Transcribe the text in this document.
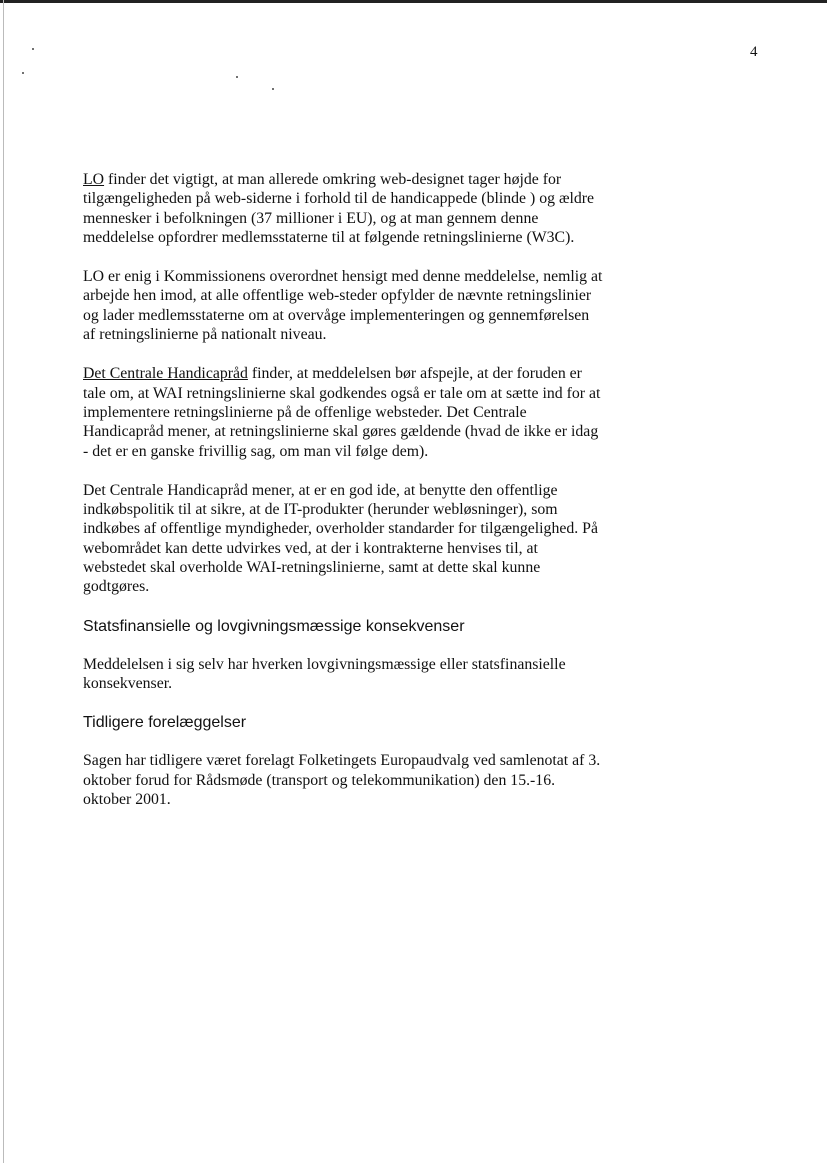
4

LO finder det vigtigt, at man allerede omkring web-designet tager højde for tilgængeligheden på web-siderne i forhold til de handicappede (blinde ) og ældre mennesker i befolkningen (37 millioner i EU), og at man gennem denne meddelelse opfordrer medlemsstaterne til at følgende retningslinierne (W3C).

LO er enig i Kommissionens overordnet hensigt med denne meddelelse, nemlig at arbejde hen imod, at alle offentlige web-steder opfylder de nævnte retningslinier og lader medlemsstaterne om at overvåge implementeringen og gennemførelsen af retningslinierne på nationalt niveau.

Det Centrale Handicapråd finder, at meddelelsen bør afspejle, at der foruden er tale om, at WAI retningslinierne skal godkendes også er tale om at sætte ind for at implementere retningslinierne på de offenlige websteder. Det Centrale Handicapråd mener, at retningslinierne skal gøres gældende (hvad de ikke er idag - det er en ganske frivillig sag, om man vil følge dem).

Det Centrale Handicapråd mener, at er en god ide, at benytte den offentlige indkøbspolitik til at sikre, at de IT-produkter (herunder webløsninger), som indkøbes af offentlige myndigheder, overholder standarder for tilgængelighed. På webområdet kan dette udvirkes ved, at der i kontrakterne henvises til, at webstedet skal overholde WAI-retningslinierne, samt at dette skal kunne godtgøres.

Statsfinansielle og lovgivningsmæssige konsekvenser

Meddelelsen i sig selv har hverken lovgivningsmæssige eller statsfinansielle konsekvenser.

Tidligere forelæggelser

Sagen har tidligere været forelagt Folketingets Europaudvalg ved samlenotat af 3. oktober forud for Rådsmøde (transport og telekommunikation) den 15.-16. oktober 2001.
